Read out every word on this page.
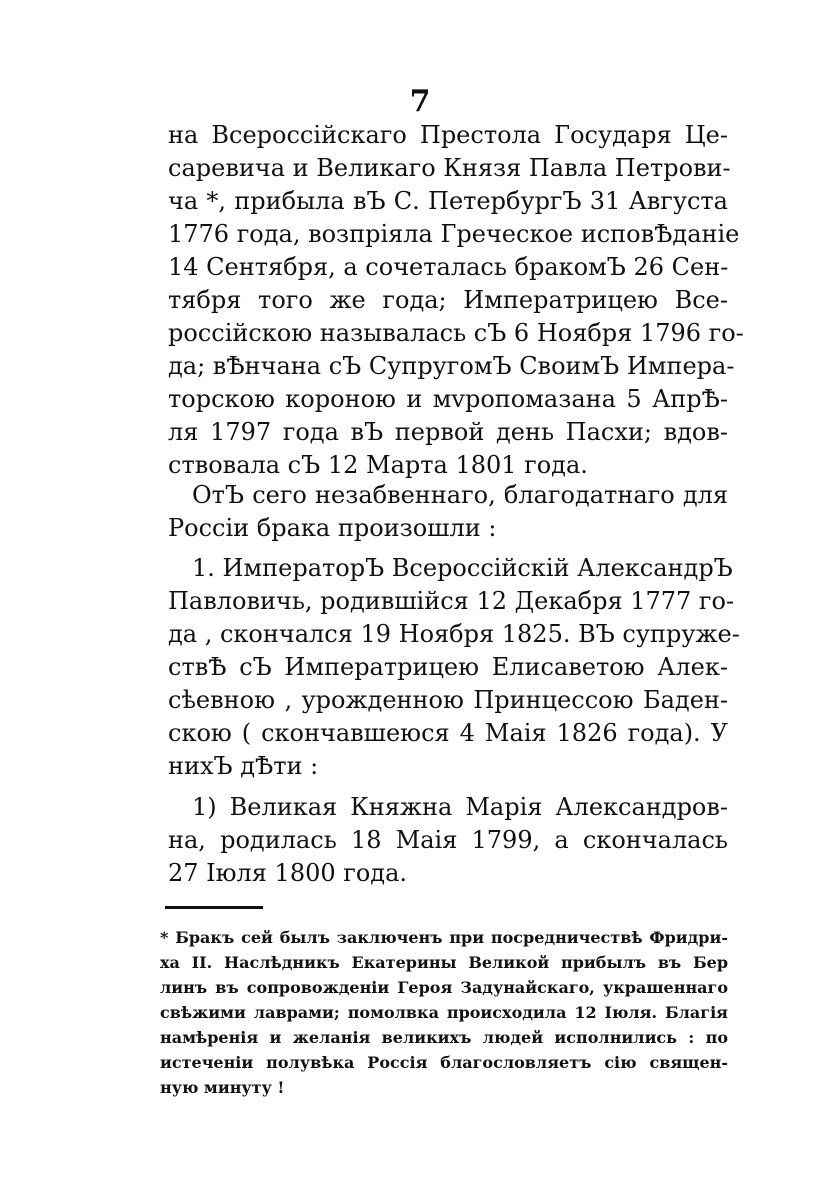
7
на Всероссійскаго Престола Государя Це-
саревича и Великаго Князя Павла Петрови-
ча *, прибыла вЪ С. ПетербургЪ 31 Августа
1776 года, возпріяла Греческое исповѢданіе
14 Сентября, а сочеталась бракомЪ 26 Сен-
тября того же года; Императрицею Все-
россійскою называлась сЪ 6 Ноября 1796 го-
да; вѢнчана сЪ СупругомЪ СвоимЪ Импера-
торскою короною и мvропомазана 5 АпрѢ-
ля 1797 года вЪ первой день Пасхи; вдов-
ствовала сЪ 12 Марта 1801 года.
ОтЪ сего незабвеннаго, благодатнаго для
Россіи брака произошли :
1. ИмператорЪ Всероссійскій АлександрЪ
Павловичь, родившійся 12 Декабря 1777 го-
да , скончался 19 Ноября 1825. ВЪ супруже-
ствѢ сЪ Императрицею Елисаветою Алек-
сѣевною , урожденною Принцессою Баден-
скою ( скончавшеюся 4 Маія 1826 года). У
нихЪ дѢти :
1) Великая Княжна Марія Александров-
на, родилась 18 Маія 1799, а скончалась
27 Іюля 1800 года.
* Бракъ сей былъ заключенъ при посредничествѣ Фридри-
ха II. Наслѣдникъ Екатерины Великой прибылъ въ Бер
линъ въ сопровожденіи Героя Задунайскаго, украшеннаго
свѣжими лаврами; помолвка происходила 12 Іюля. Благія
намѣренія и желанія великихъ людей исполнились : по
истеченіи полувѣка Россія благословляетъ сію священ-
ную минуту !
